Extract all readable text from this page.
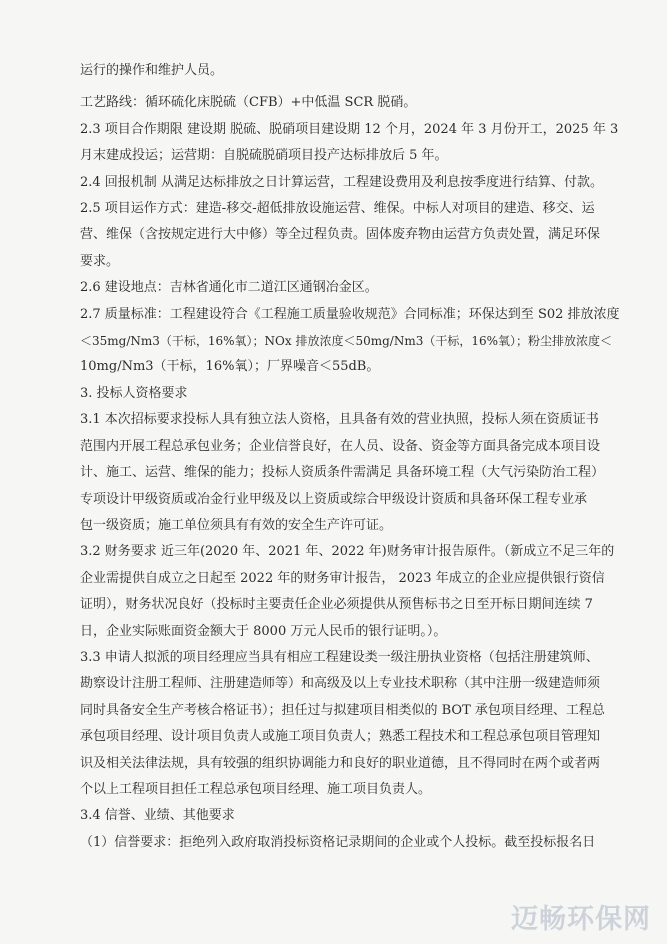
运行的操作和维护人员。

工艺路线：循环硫化床脱硫（CFB）+中低温 SCR 脱硝。

2.3 项目合作期限 建设期 脱硫、脱硝项目建设期 12 个月，2024 年 3 月份开工，2025 年 3

月末建成投运；运营期：自脱硫脱硝项目投产达标排放后 5 年。

2.4 回报机制 从满足达标排放之日计算运营，工程建设费用及利息按季度进行结算、付款。

2.5 项目运作方式：建造-移交-超低排放设施运营、维保。中标人对项目的建造、移交、运

营、维保（含按规定进行大中修）等全过程负责。固体废弃物由运营方负责处置，满足环保

要求。

2.6 建设地点：吉林省通化市二道江区通钢冶金区。

2.7 质量标准：工程建设符合《工程施工质量验收规范》合同标准；环保达到至 S02 排放浓度

＜35mg/Nm3（干标，16%氧）；NOx 排放浓度＜50mg/Nm3（干标，16%氧）；粉尘排放浓度＜

10mg/Nm3（干标，16%氧）；厂界噪音＜55dB。

3. 投标人资格要求

3.1 本次招标要求投标人具有独立法人资格，且具备有效的营业执照，投标人须在资质证书

范围内开展工程总承包业务；企业信誉良好，在人员、设备、资金等方面具备完成本项目设

计、施工、运营、维保的能力；投标人资质条件需满足 具备环境工程（大气污染防治工程）

专项设计甲级资质或冶金行业甲级及以上资质或综合甲级设计资质和具备环保工程专业承

包一级资质；施工单位须具有有效的安全生产许可证。

3.2 财务要求 近三年(2020 年、2021 年、2022 年)财务审计报告原件。（新成立不足三年的

企业需提供自成立之日起至 2022 年的财务审计报告， 2023 年成立的企业应提供银行资信

证明），财务状况良好（投标时主要责任企业必须提供从预售标书之日至开标日期间连续 7

日，企业实际账面资金额大于 8000 万元人民币的银行证明。）。

3.3 申请人拟派的项目经理应当具有相应工程建设类一级注册执业资格（包括注册建筑师、

勘察设计注册工程师、注册建造师等）和高级及以上专业技术职称（其中注册一级建造师须

同时具备安全生产考核合格证书）；担任过与拟建项目相类似的 BOT 承包项目经理、工程总

承包项目经理、设计项目负责人或施工项目负责人；熟悉工程技术和工程总承包项目管理知

识及相关法律法规，具有较强的组织协调能力和良好的职业道德，且不得同时在两个或者两

个以上工程项目担任工程总承包项目经理、施工项目负责人。

3.4 信誉、业绩、其他要求

（1）信誉要求：拒绝列入政府取消投标资格记录期间的企业或个人投标。截至投标报名日

迈畅环保网
